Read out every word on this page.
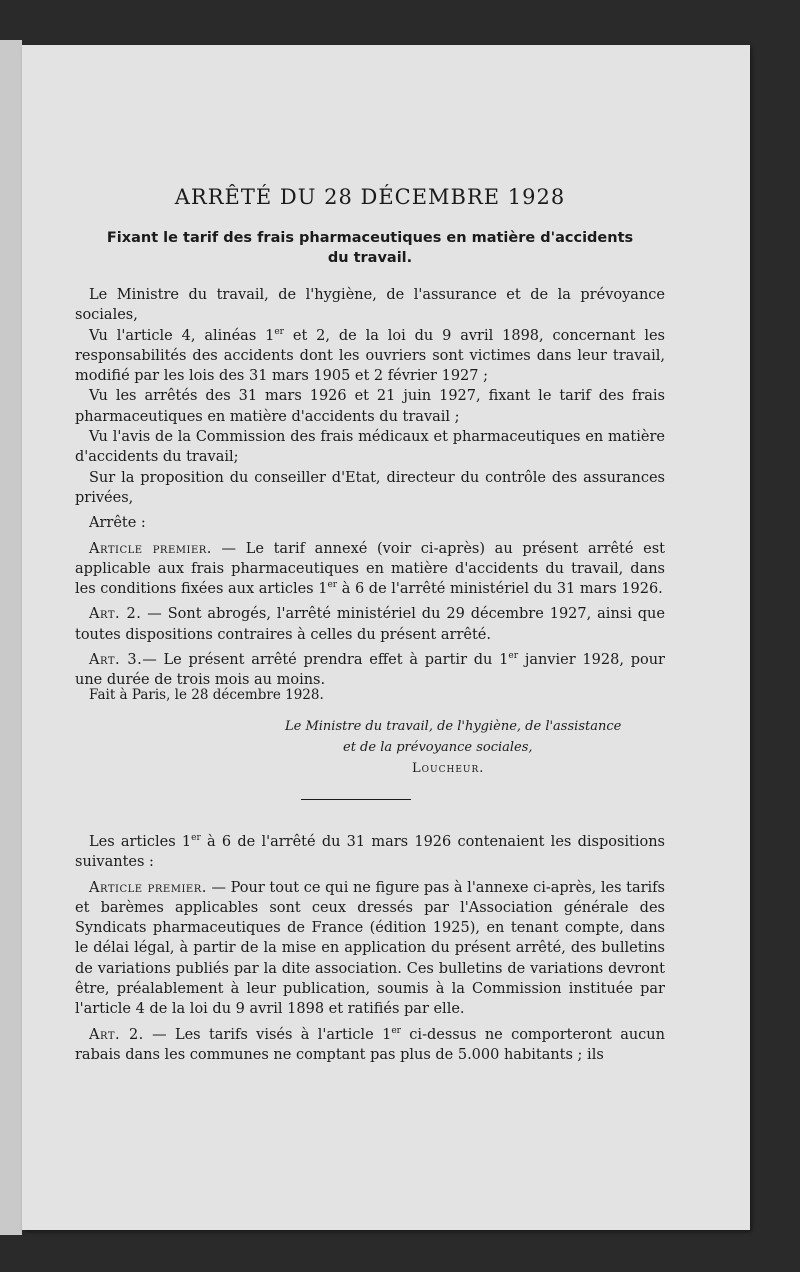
ARRÊTÉ DU 28 DÉCEMBRE 1928
Fixant le tarif des frais pharmaceutiques en matière d'accidents
du travail.

Le Ministre du travail, de l'hygiène, de l'assurance et de la prévoyance sociales,

Vu l'article 4, alinéas 1er et 2, de la loi du 9 avril 1898, concernant les responsabilités des accidents dont les ouvriers sont victimes dans leur travail, modifié par les lois des 31 mars 1905 et 2 février 1927 ;

Vu les arrêtés des 31 mars 1926 et 21 juin 1927, fixant le tarif des frais pharmaceutiques en matière d'accidents du travail ;

Vu l'avis de la Commission des frais médicaux et pharmaceutiques en matière d'accidents du travail;

Sur la proposition du conseiller d'Etat, directeur du contrôle des assurances privées,

Arrête :

Article premier. — Le tarif annexé (voir ci-après) au présent arrêté est applicable aux frais pharmaceutiques en matière d'accidents du travail, dans les conditions fixées aux articles 1er à 6 de l'arrêté ministériel du 31 mars 1926.

Art. 2. — Sont abrogés, l'arrêté ministériel du 29 décembre 1927, ainsi que toutes dispositions contraires à celles du présent arrêté.

Art. 3.— Le présent arrêté prendra effet à partir du 1er janvier 1928, pour une durée de trois mois au moins.

Fait à Paris, le 28 décembre 1928.

Le Ministre du travail, de l'hygiène, de l'assistance
et de la prévoyance sociales,
Loucheur.

Les articles 1er à 6 de l'arrêté du 31 mars 1926 contenaient les dispositions suivantes :

Article premier. — Pour tout ce qui ne figure pas à l'annexe ci-après, les tarifs et barèmes applicables sont ceux dressés par l'Association générale des Syndicats pharmaceutiques de France (édition 1925), en tenant compte, dans le délai légal, à partir de la mise en application du présent arrêté, des bulletins de variations publiés par la dite association. Ces bulletins de variations devront être, préalablement à leur publication, soumis à la Commission instituée par l'article 4 de la loi du 9 avril 1898 et ratifiés par elle.

Art. 2. — Les tarifs visés à l'article 1er ci-dessus ne comporteront aucun rabais dans les communes ne comptant pas plus de 5.000 habitants ; ils
